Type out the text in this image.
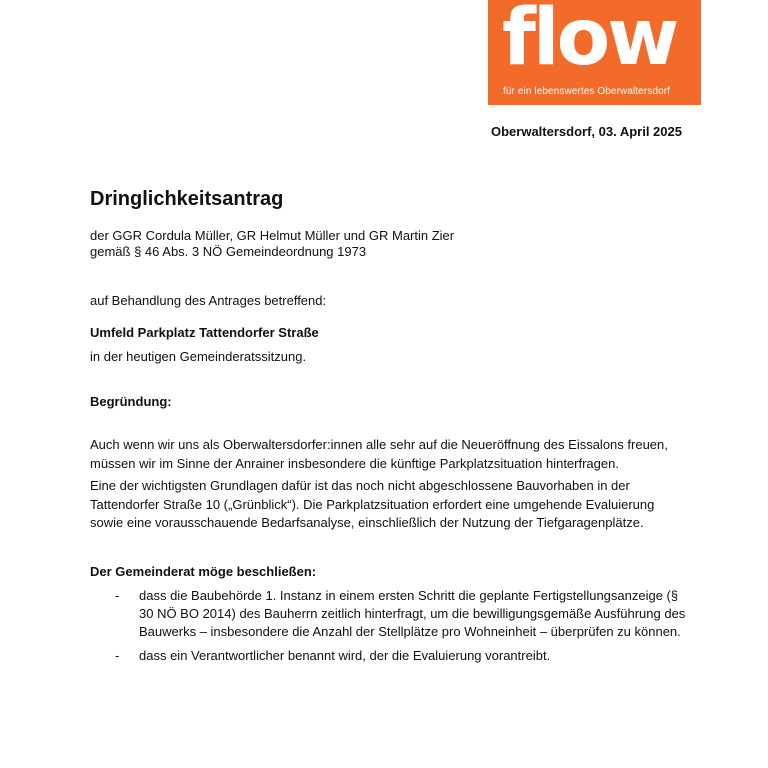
flow
für ein lebenswertes Oberwaltersdorf
Oberwaltersdorf, 03. April 2025
Dringlichkeitsantrag
der GGR Cordula Müller, GR Helmut Müller und GR Martin Zier
gemäß § 46 Abs. 3 NÖ Gemeindeordnung 1973
auf Behandlung des Antrages betreffend:
Umfeld Parkplatz Tattendorfer Straße
in der heutigen Gemeinderatssitzung.
Begründung:
Auch wenn wir uns als Oberwaltersdorfer:innen alle sehr auf die Neueröffnung des Eissalons freuen,
müssen wir im Sinne der Anrainer insbesondere die künftige Parkplatzsituation hinterfragen.
Eine der wichtigsten Grundlagen dafür ist das noch nicht abgeschlossene Bauvorhaben in der
Tattendorfer Straße 10 („Grünblick“). Die Parkplatzsituation erfordert eine umgehende Evaluierung
sowie eine vorausschauende Bedarfsanalyse, einschließlich der Nutzung der Tiefgaragenplätze.
Der Gemeinderat möge beschließen:
- dass die Baubehörde 1. Instanz in einem ersten Schritt die geplante Fertigstellungsanzeige (§
30 NÖ BO 2014) des Bauherrn zeitlich hinterfragt, um die bewilligungsgemäße Ausführung des
Bauwerks – insbesondere die Anzahl der Stellplätze pro Wohneinheit – überprüfen zu können.
- dass ein Verantwortlicher benannt wird, der die Evaluierung vorantreibt.
